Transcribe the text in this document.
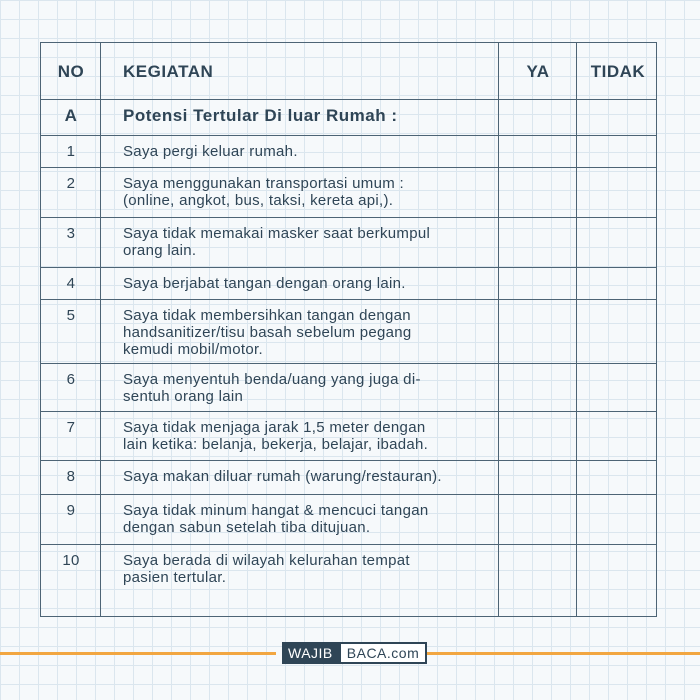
NO	KEGIATAN	YA	TIDAK
A	Potensi Tertular Di luar Rumah :
1	Saya pergi keluar rumah.
2	Saya menggunakan transportasi umum :
(online, angkot, bus, taksi, kereta api,).
3	Saya tidak memakai masker saat berkumpul
orang lain.
4	Saya berjabat tangan dengan orang lain.
5	Saya tidak membersihkan tangan dengan
handsanitizer/tisu basah sebelum pegang
kemudi mobil/motor.
6	Saya menyentuh benda/uang yang juga di-
sentuh orang lain
7	Saya tidak menjaga jarak 1,5 meter dengan
lain ketika: belanja, bekerja, belajar, ibadah.
8	Saya makan diluar rumah (warung/restauran).
9	Saya tidak minum hangat & mencuci tangan
dengan sabun setelah tiba ditujuan.
10	Saya berada di wilayah kelurahan tempat
pasien tertular.
WAJIB	BACA.com
